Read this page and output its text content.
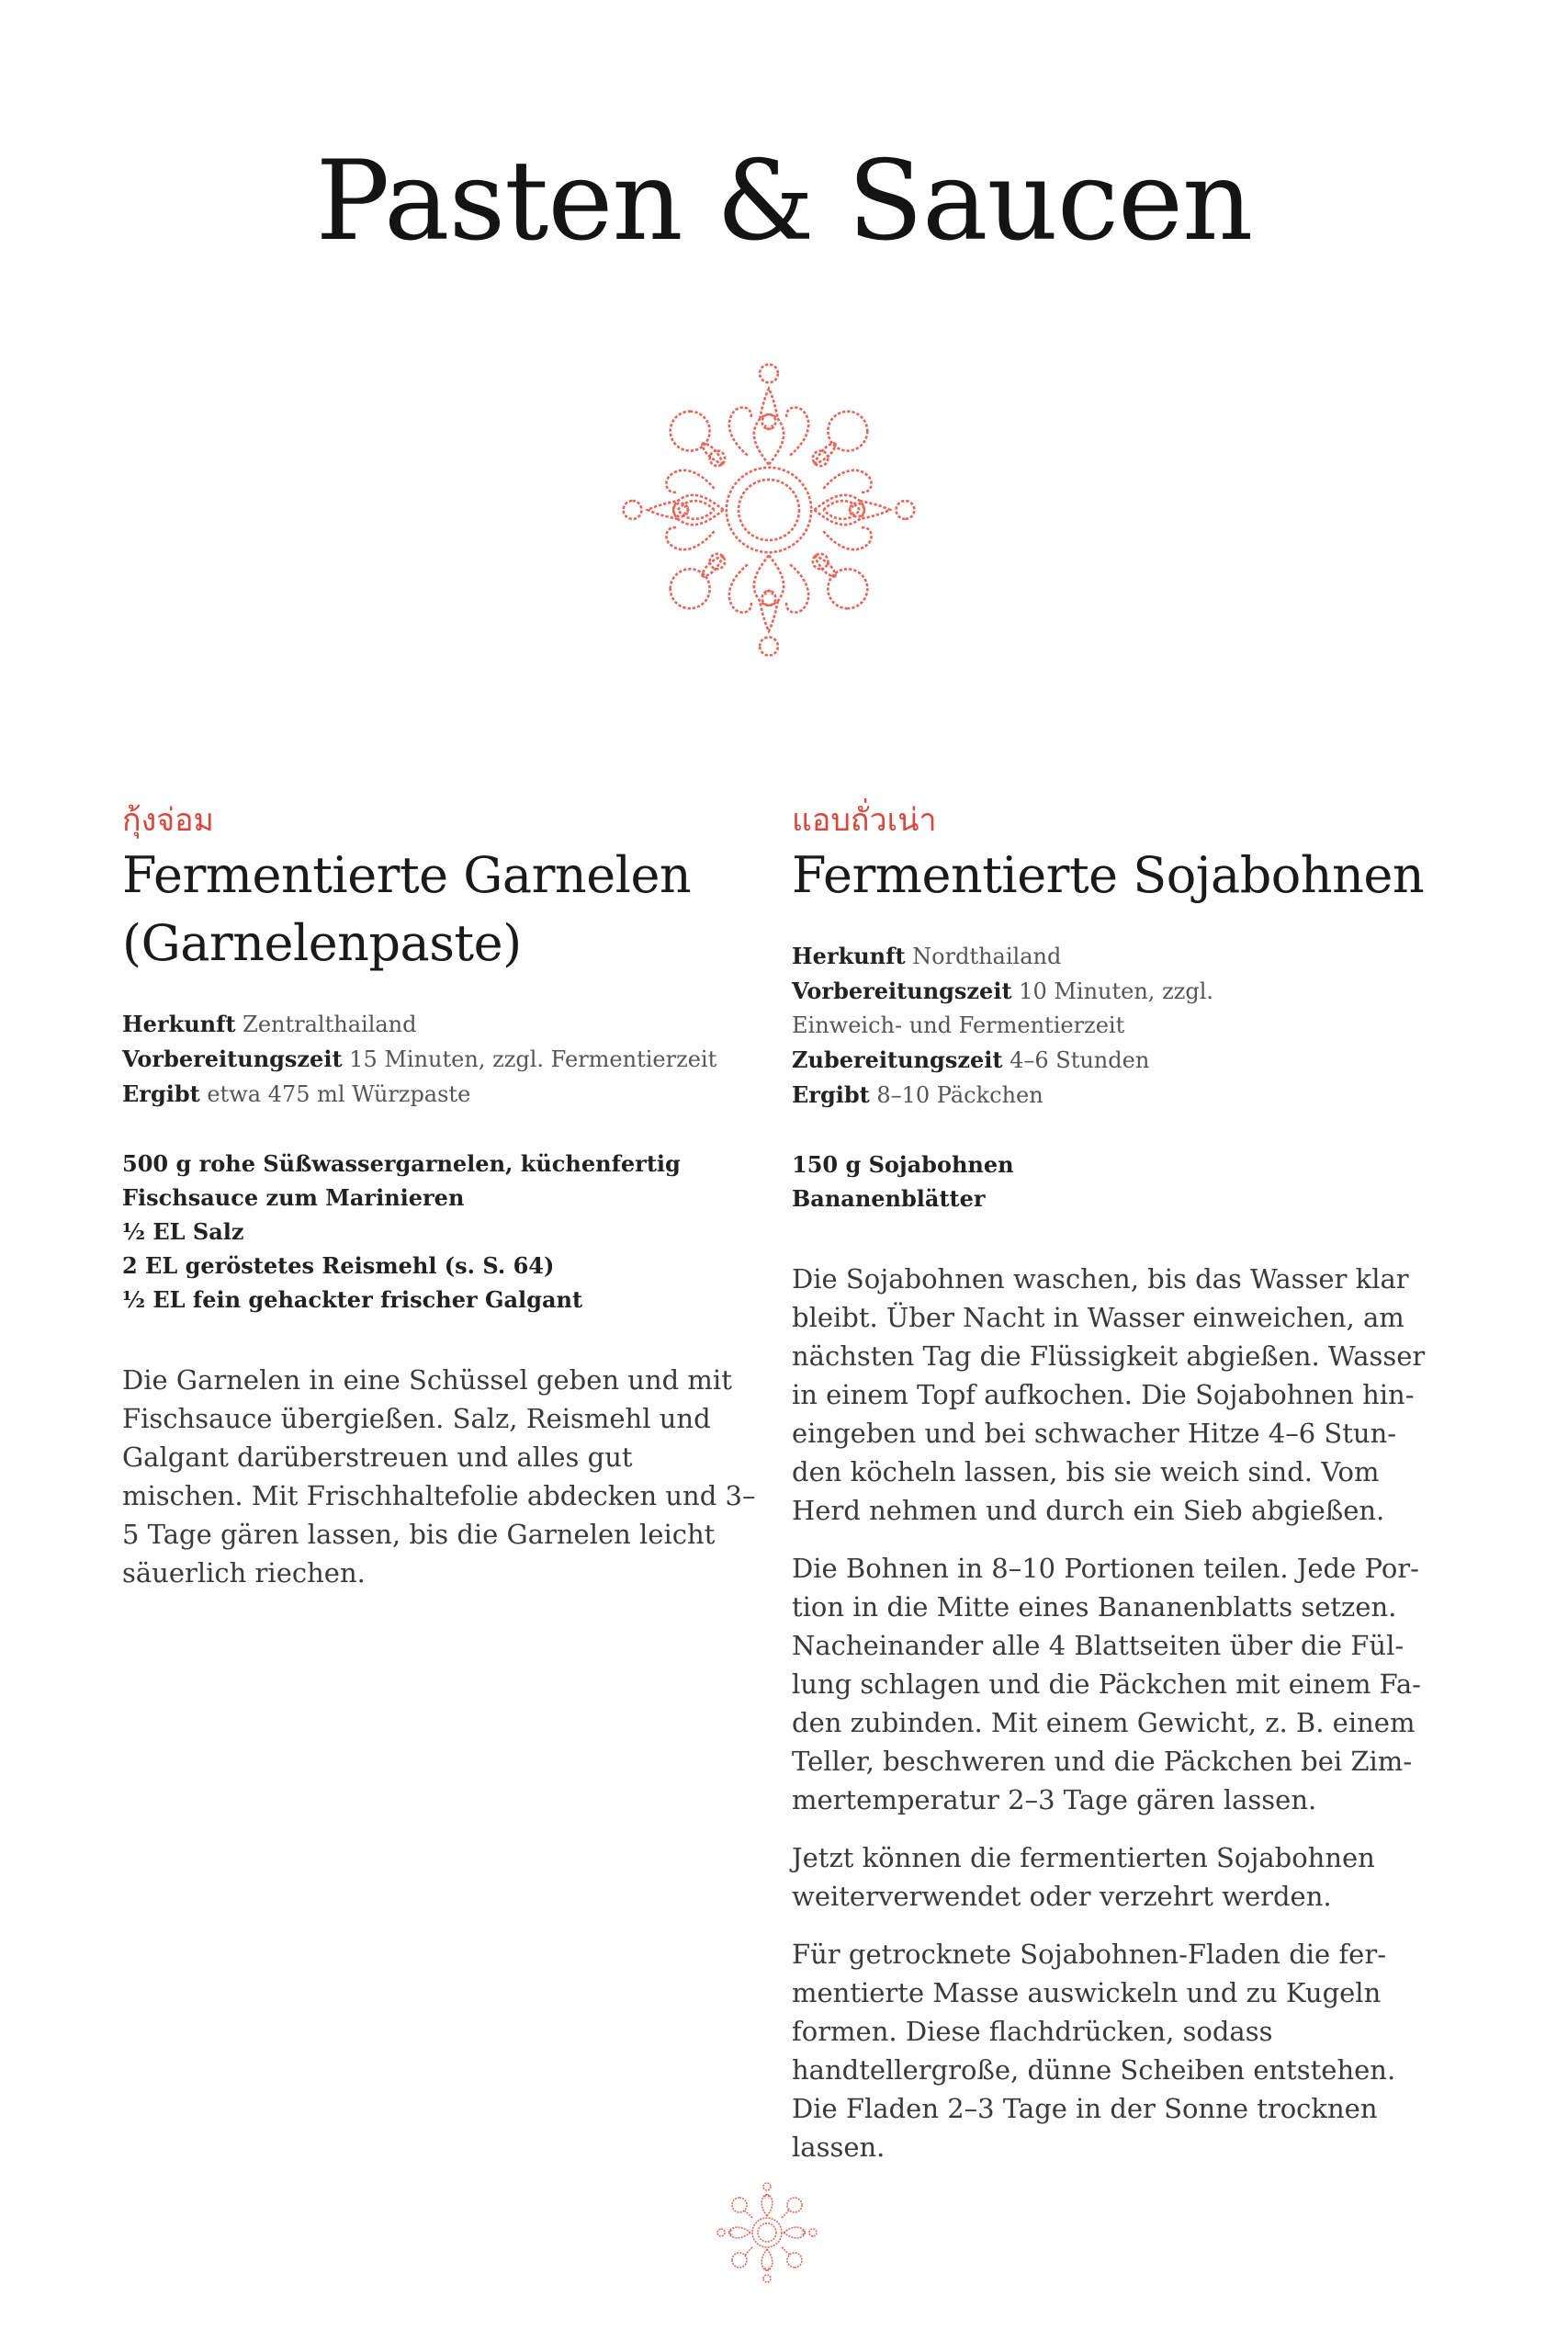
Pasten & Saucen
กุ้งจ่อม
Fermentierte Garnelen
(Garnelenpaste)
Herkunft Zentralthailand
Vorbereitungszeit 15 Minuten, zzgl. Fermentierzeit
Ergibt etwa 475 ml Würzpaste
500 g rohe Süßwassergarnelen, küchenfertig
Fischsauce zum Marinieren
½ EL Salz
2 EL geröstetes Reismehl (s. S. 64)
½ EL fein gehackter frischer Galgant

Die Garnelen in eine Schüssel geben und mit Fischsauce übergießen. Salz, Reismehl und Galgant darüberstreuen und alles gut mischen. Mit Frischhaltefolie abdecken und 3–5 Tage gären lassen, bis die Garnelen leicht säuerlich riechen.

แอบถั่วเน่า
Fermentierte Sojabohnen
Herkunft Nordthailand
Vorbereitungszeit 10 Minuten, zzgl.
Einweich- und Fermentierzeit
Zubereitungszeit 4–6 Stunden
Ergibt 8–10 Päckchen
150 g Sojabohnen
Bananenblätter

Die Sojabohnen waschen, bis das Wasser klar bleibt. Über Nacht in Wasser einweichen, am nächsten Tag die Flüssigkeit abgießen. Wasser in einem Topf aufkochen. Die Sojabohnen hineingeben und bei schwacher Hitze 4–6 Stunden köcheln lassen, bis sie weich sind. Vom Herd nehmen und durch ein Sieb abgießen.

Die Bohnen in 8–10 Portionen teilen. Jede Portion in die Mitte eines Bananenblatts setzen. Nacheinander alle 4 Blattseiten über die Füllung schlagen und die Päckchen mit einem Faden zubinden. Mit einem Gewicht, z. B. einem Teller, beschweren und die Päckchen bei Zimmertemperatur 2–3 Tage gären lassen.

Jetzt können die fermentierten Sojabohnen weiterverwendet oder verzehrt werden.

Für getrocknete Sojabohnen-Fladen die fermentierte Masse auswickeln und zu Kugeln formen. Diese flachdrücken, sodass handtellergroße, dünne Scheiben entstehen. Die Fladen 2–3 Tage in der Sonne trocknen lassen.
